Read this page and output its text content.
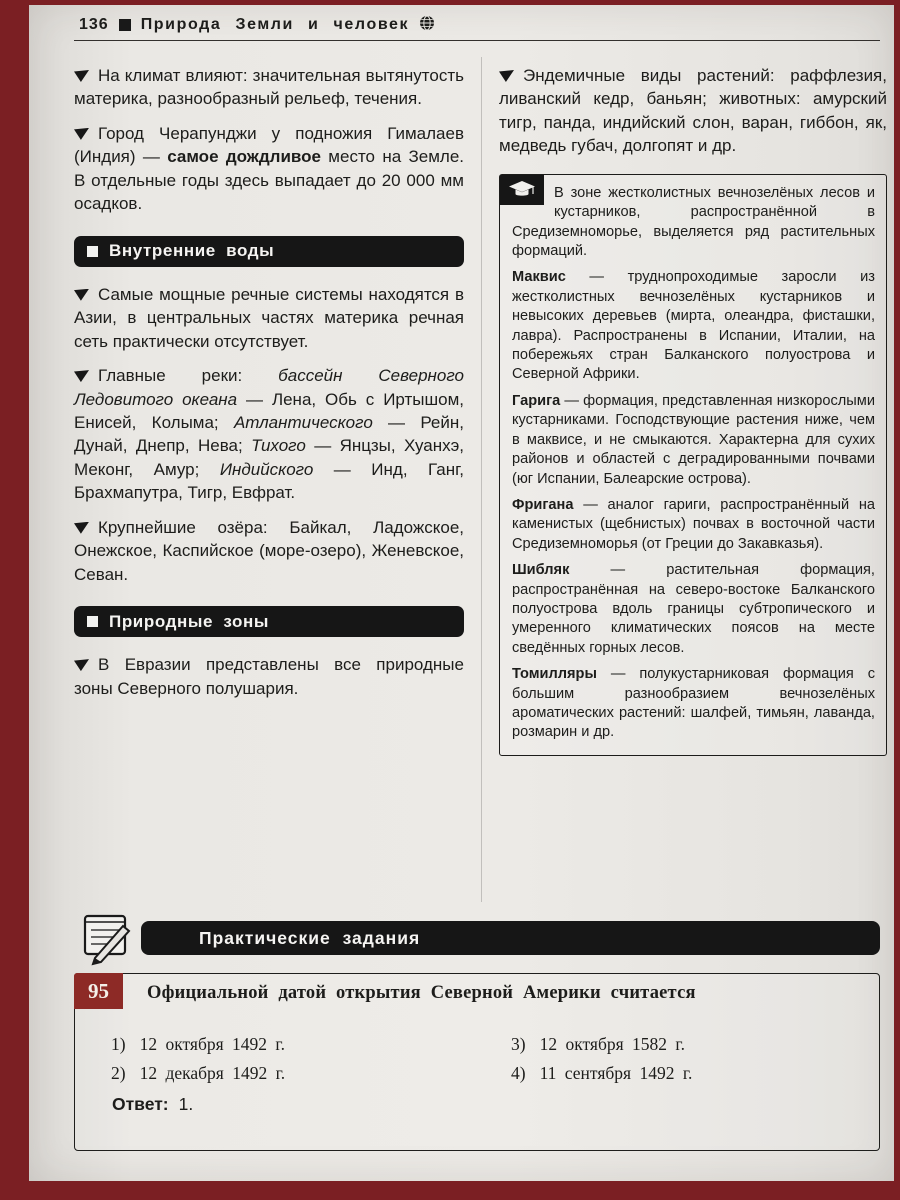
136 Природа Земли и человек

На климат влияют: значительная вытянутость материка, разнообразный рельеф, течения.

Город Черапунджи у подножия Гималаев (Индия) — самое дождливое место на Земле. В отдельные годы здесь выпадает до 20 000 мм осадков.

Внутренние воды

Самые мощные речные системы находятся в Азии, в центральных частях материка речная сеть практически отсутствует.

Главные реки: бассейн Северного Ледовитого океана — Лена, Обь с Иртышом, Енисей, Колыма; Атлантического — Рейн, Дунай, Днепр, Нева; Тихого — Янцзы, Хуанхэ, Меконг, Амур; Индийского — Инд, Ганг, Брахмапутра, Тигр, Евфрат.

Крупнейшие озёра: Байкал, Ладожское, Онежское, Каспийское (море-озеро), Женевское, Севан.

Природные зоны

В Евразии представлены все природные зоны Северного полушария.

Эндемичные виды растений: раффлезия, ливанский кедр, баньян; животных: амурский тигр, панда, индийский слон, варан, гиббон, як, медведь губач, долгопят и др.

В зоне жестколистных вечнозелёных лесов и кустарников, распространённой в Средиземноморье, выделяется ряд растительных формаций.

Маквис — труднопроходимые заросли из жестколистных вечнозелёных кустарников и невысоких деревьев (мирта, олеандра, фисташки, лавра). Распространены в Испании, Италии, на побережьях стран Балканского полуострова и Северной Африки.

Гарига — формация, представленная низкорослыми кустарниками. Господствующие растения ниже, чем в маквисе, и не смыкаются. Характерна для сухих районов и областей с деградированными почвами (юг Испании, Балеарские острова).

Фригана — аналог гариги, распространённый на каменистых (щебнистых) почвах в восточной части Средиземноморья (от Греции до Закавказья).

Шибляк — растительная формация, распространённая на северо-востоке Балканского полуострова вдоль границы субтропического и умеренного климатических поясов на месте сведённых горных лесов.

Томилляры — полукустарниковая формация с большим разнообразием вечнозелёных ароматических растений: шалфей, тимьян, лаванда, розмарин и др.

Практические задания
95	Официальной датой открытия Северной Америки считается
1) 12 октября 1492 г.
2) 12 декабря 1492 г.
3) 12 октября 1582 г.
4) 11 сентября 1492 г.
Ответ: 1.
